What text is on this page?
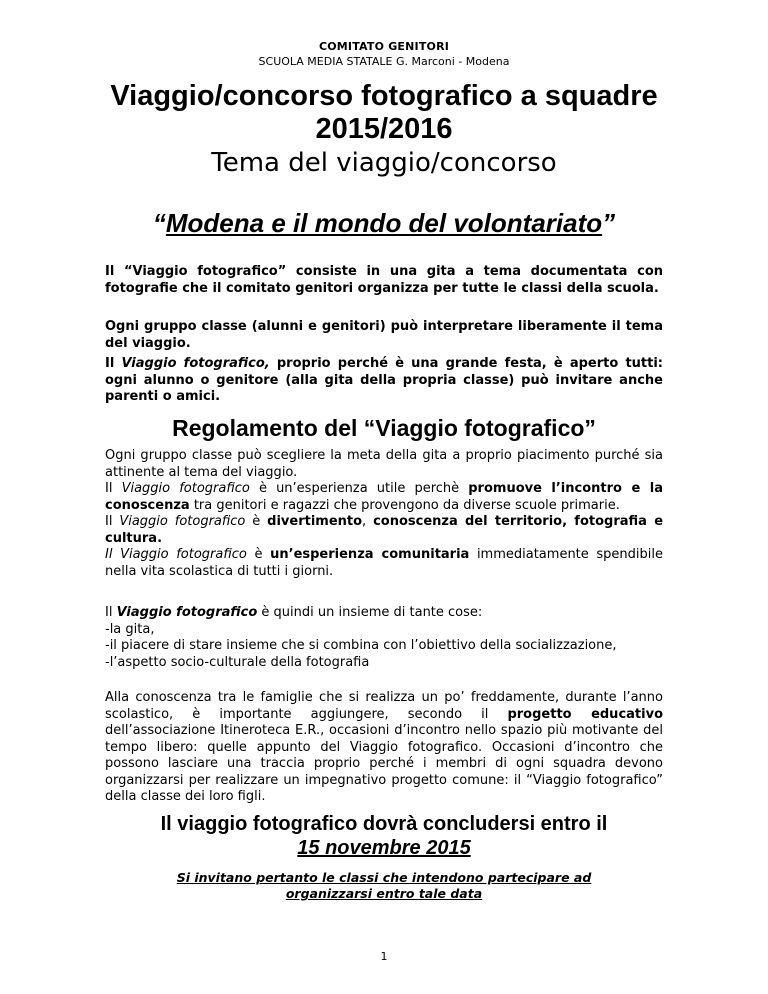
COMITATO GENITORI
SCUOLA MEDIA STATALE G. Marconi - Modena
Viaggio/concorso fotografico a squadre
2015/2016
Tema del viaggio/concorso
“Modena e il mondo del volontariato”
Il “Viaggio fotografico” consiste in una gita a tema documentata con fotografie che il comitato genitori organizza per tutte le classi della scuola.
Ogni gruppo classe (alunni e genitori) può interpretare liberamente il tema del viaggio.
Il Viaggio fotografico, proprio perché è una grande festa, è aperto tutti: ogni alunno o genitore (alla gita della propria classe) può invitare anche parenti o amici.
Regolamento del “Viaggio fotografico”

Ogni gruppo classe può scegliere la meta della gita a proprio piacimento purché sia attinente al tema del viaggio.

Il Viaggio fotografico è un’esperienza utile perchè promuove l’incontro e la conoscenza tra genitori e ragazzi che provengono da diverse scuole primarie.

Il Viaggio fotografico è divertimento, conoscenza del territorio, fotografia e cultura.

Il Viaggio fotografico è un’esperienza comunitaria immediatamente spendibile nella vita scolastica di tutti i giorni.

Il Viaggio fotografico è quindi un insieme di tante cose:

-la gita,

-il piacere di stare insieme che si combina con l’obiettivo della socializzazione,

-l’aspetto socio-culturale della fotografia

Alla conoscenza tra le famiglie che si realizza un po’ freddamente, durante l’anno scolastico, è importante aggiungere, secondo il progetto educativo dell’associazione Itineroteca E.R., occasioni d’incontro nello spazio più motivante del tempo libero: quelle appunto del Viaggio fotografico. Occasioni d’incontro che possono lasciare una traccia proprio perché i membri di ogni squadra devono organizzarsi per realizzare un impegnativo progetto comune: il “Viaggio fotografico” della classe dei loro figli.
Il viaggio fotografico dovrà concludersi entro il
15 novembre 2015
Si invitano pertanto le classi che intendono partecipare ad
organizzarsi entro tale data
1
